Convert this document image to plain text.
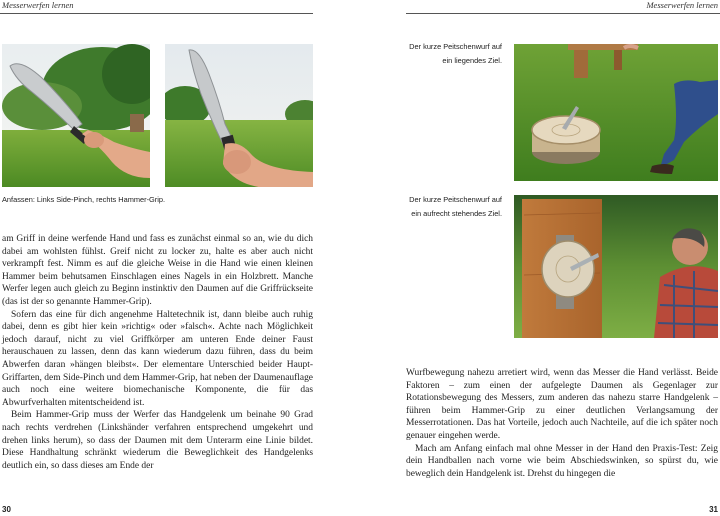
Messerwerfen lernen
Anfassen: Links Side-Pinch, rechts Hammer-Grip.

am Griff in deine werfende Hand und fass es zunächst einmal so an, wie du dich dabei am wohlsten fühlst. Greif nicht zu locker zu, halte es aber auch nicht verkrampft fest. Nimm es auf die gleiche Weise in die Hand wie einen kleinen Hammer beim behutsamen Einschlagen eines Nagels in ein Holzbrett. Manche Werfer legen auch gleich zu Beginn instinktiv den Daumen auf die Griffrückseite (das ist der so genannte Hammer-Grip).

Sofern das eine für dich angenehme Haltetechnik ist, dann bleibe auch ruhig dabei, denn es gibt hier kein »richtig« oder »falsch«. Achte nach Möglichkeit jedoch darauf, nicht zu viel Griffkörper am unteren Ende deiner Faust herauschauen zu lassen, denn das kann wiederum dazu führen, dass du beim Abwerfen daran »hängen bleibst«. Der elementare Unterschied beider Haupt-Griffarten, dem Side-Pinch und dem Hammer-Grip, hat neben der Daumenauflage auch noch eine weitere biomechanische Komponente, die für das Abwurfverhalten mitentscheidend ist.

Beim Hammer-Grip muss der Werfer das Handgelenk um beinahe 90 Grad nach rechts verdrehen (Linkshänder verfahren entsprechend umgekehrt und drehen links herum), so dass der Daumen mit dem Unterarm eine Linie bildet. Diese Handhaltung schränkt wiederum die Beweglichkeit des Handgelenks deutlich ein, so dass dieses am Ende der

30
Messerwerfen lernen
Der kurze Peitschenwurf auf ein liegendes Ziel.
Der kurze Peitschenwurf auf ein aufrecht stehendes Ziel.

Wurfbewegung nahezu arretiert wird, wenn das Messer die Hand verlässt. Beide Faktoren – zum einen der aufgelegte Daumen als Gegenlager zur Rotationsbewegung des Messers, zum anderen das nahezu starre Handgelenk – führen beim Hammer-Grip zu einer deutlichen Verlangsamung der Messerrotationen. Das hat Vorteile, jedoch auch Nachteile, auf die ich später noch genauer eingehen werde.

Mach am Anfang einfach mal ohne Messer in der Hand den Praxis-Test: Zeig dein Handballen nach vorne wie beim Abschiedswinken, so spürst du, wie beweglich dein Handgelenk ist. Drehst du hingegen die

31
